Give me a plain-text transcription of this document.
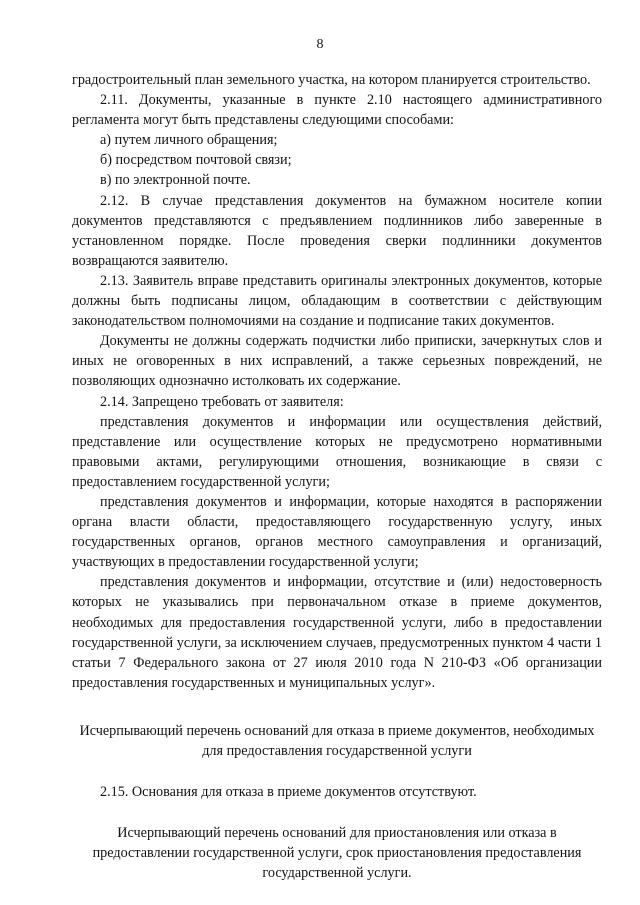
8

градостроительный план земельного участка, на котором планируется строительство.

2.11. Документы, указанные в пункте 2.10 настоящего административного регламента могут быть представлены следующими способами:

а) путем личного обращения;

б) посредством почтовой связи;

в) по электронной почте.

2.12. В случае представления документов на бумажном носителе копии документов представляются с предъявлением подлинников либо заверенные в установленном порядке. После проведения сверки подлинники документов возвращаются заявителю.

2.13. Заявитель вправе представить оригиналы электронных документов, которые должны быть подписаны лицом, обладающим в соответствии с действующим законодательством полномочиями на создание и подписание таких документов.

Документы не должны содержать подчистки либо приписки, зачеркнутых слов и иных не оговоренных в них исправлений, а также серьезных повреждений, не позволяющих однозначно истолковать их содержание.

2.14. Запрещено требовать от заявителя:

представления документов и информации или осуществления действий, представление или осуществление которых не предусмотрено нормативными правовыми актами, регулирующими отношения, возникающие в связи с предоставлением государственной услуги;

представления документов и информации, которые находятся в распоряжении органа власти области, предоставляющего государственную услугу, иных государственных органов, органов местного самоуправления и организаций, участвующих в предоставлении государственной услуги;

представления документов и информации, отсутствие и (или) недостоверность которых не указывались при первоначальном отказе в приеме документов, необходимых для предоставления государственной услуги, либо в предоставлении государственной услуги, за исключением случаев, предусмотренных пунктом 4 части 1 статьи 7 Федерального закона от 27 июля 2010 года N 210-ФЗ «Об организации предоставления государственных и муниципальных услуг».

Исчерпывающий перечень оснований для отказа в приеме документов, необходимых для предоставления государственной услуги

2.15. Основания для отказа в приеме документов отсутствуют.

Исчерпывающий перечень оснований для приостановления или отказа в предоставлении государственной услуги, срок приостановления предоставления государственной услуги.
